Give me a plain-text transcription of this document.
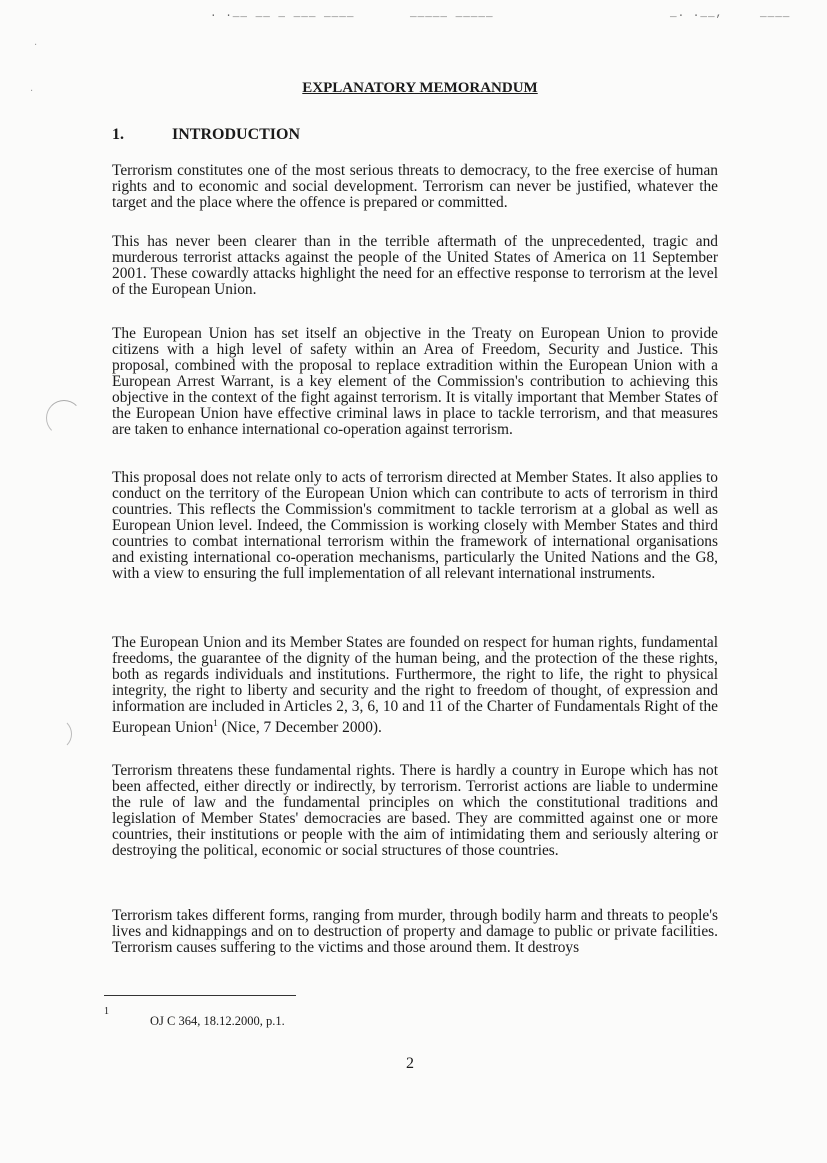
. .__ __ _ ___ ____	_____ _____	_. .__,	____
·
·	EXPLANATORY MEMORANDUM
1.	INTRODUCTION

Terrorism constitutes one of the most serious threats to democracy, to the free exercise of human rights and to economic and social development. Terrorism can never be justified, whatever the target and the place where the offence is prepared or committed.

This has never been clearer than in the terrible aftermath of the unprecedented, tragic and murderous terrorist attacks against the people of the United States of America on 11 September 2001. These cowardly attacks highlight the need for an effective response to terrorism at the level of the European Union.

The European Union has set itself an objective in the Treaty on European Union to provide citizens with a high level of safety within an Area of Freedom, Security and Justice. This proposal, combined with the proposal to replace extradition within the European Union with a European Arrest Warrant, is a key element of the Commission's contribution to achieving this objective in the context of the fight against terrorism. It is vitally important that Member States of the European Union have effective criminal laws in place to tackle terrorism, and that measures are taken to enhance international co-operation against terrorism.

This proposal does not relate only to acts of terrorism directed at Member States. It also applies to conduct on the territory of the European Union which can contribute to acts of terrorism in third countries. This reflects the Commission's commitment to tackle terrorism at a global as well as European Union level. Indeed, the Commission is working closely with Member States and third countries to combat international terrorism within the framework of international organisations and existing international co-operation mechanisms, particularly the United Nations and the G8, with a view to ensuring the full implementation of all relevant international instruments.

The European Union and its Member States are founded on respect for human rights, fundamental freedoms, the guarantee of the dignity of the human being, and the protection of the these rights, both as regards individuals and institutions. Furthermore, the right to life, the right to physical integrity, the right to liberty and security and the right to freedom of thought, of expression and information are included in Articles 2, 3, 6, 10 and 11 of the Charter of Fundamentals Right of the European Union$^1$ (Nice, 7 December 2000).

Terrorism threatens these fundamental rights. There is hardly a country in Europe which has not been affected, either directly or indirectly, by terrorism. Terrorist actions are liable to undermine the rule of law and the fundamental principles on which the constitutional traditions and legislation of Member States' democracies are based. They are committed against one or more countries, their institutions or people with the aim of intimidating them and seriously altering or destroying the political, economic or social structures of those countries.

Terrorism takes different forms, ranging from murder, through bodily harm and threats to people's lives and kidnappings and on to destruction of property and damage to public or private facilities. Terrorism causes suffering to the victims and those around them. It destroys

1
OJ C 364, 18.12.2000, p.1.
2
